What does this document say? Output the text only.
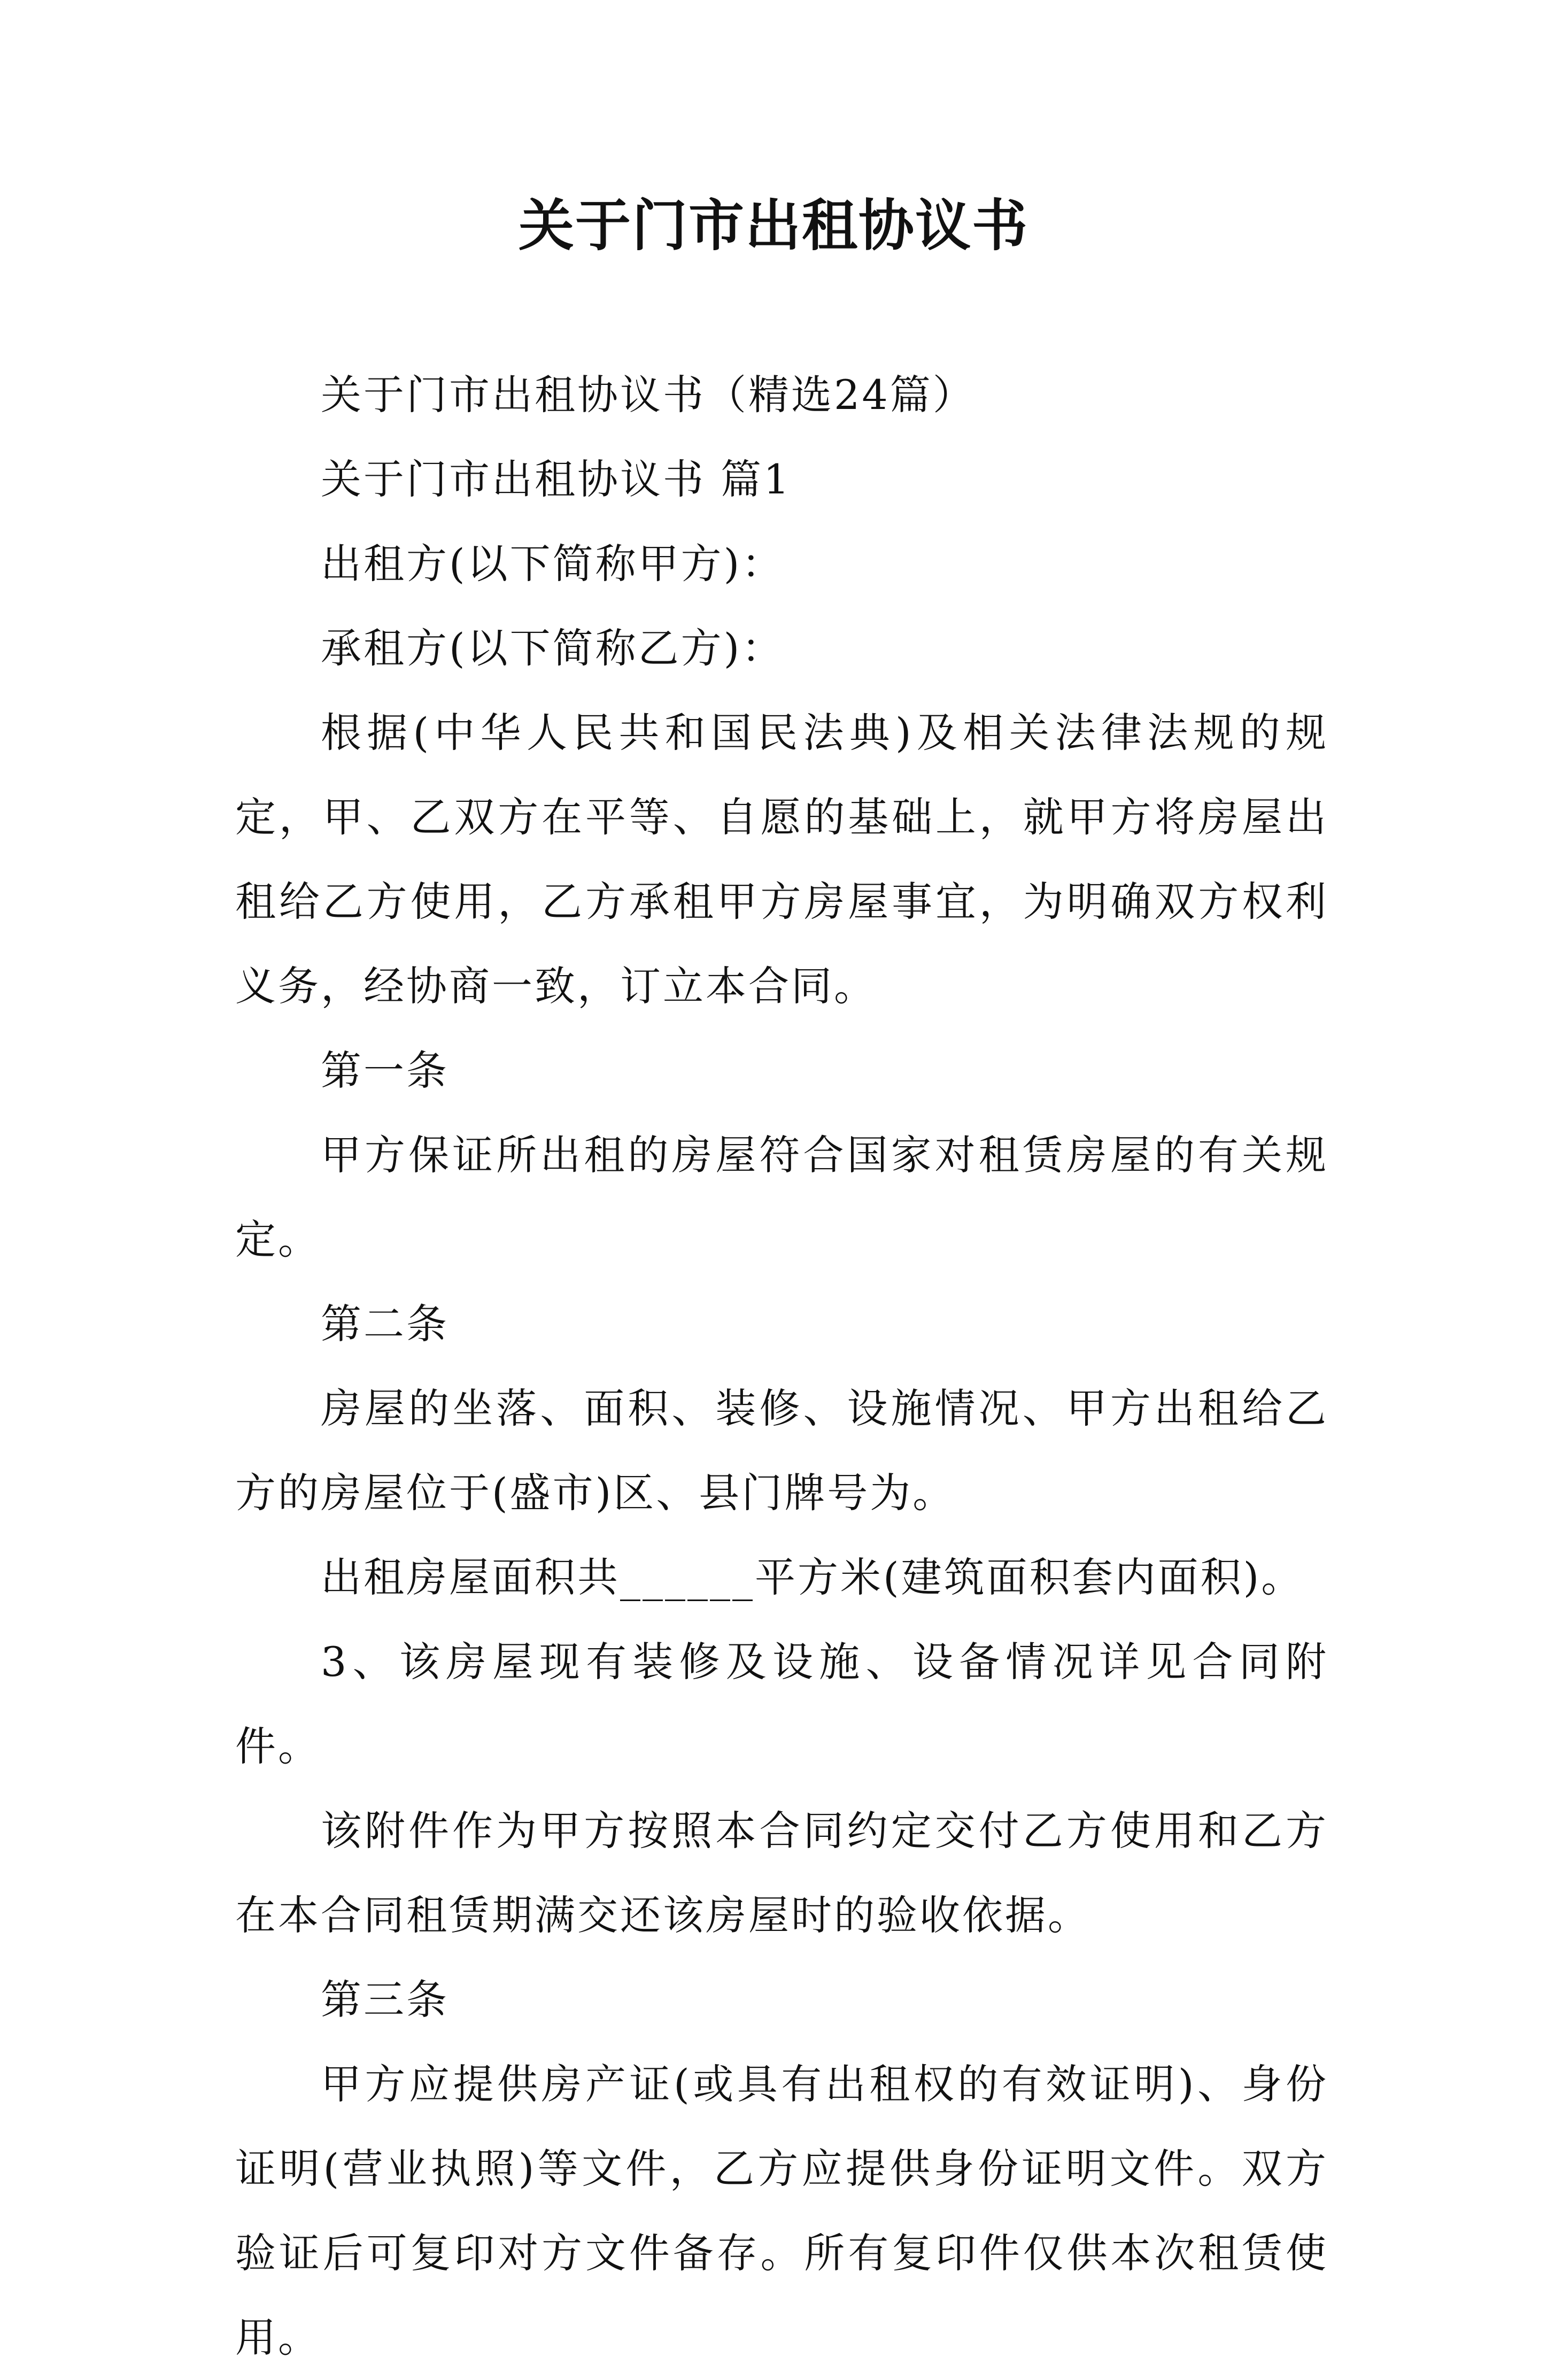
关于门市出租协议书

关于门市出租协议书（精选24篇）

关于门市出租协议书 篇1

出租方(以下简称甲方)：

承租方(以下简称乙方)：

根据(中华人民共和国民法典)及相关法律法规的规定，甲、乙双方在平等、自愿的基础上，就甲方将房屋出租给乙方使用，乙方承租甲方房屋事宜，为明确双方权利义务，经协商一致，订立本合同。

第一条

甲方保证所出租的房屋符合国家对租赁房屋的有关规定。

第二条

房屋的坐落、面积、装修、设施情况、甲方出租给乙方的房屋位于(盛市)区、县门牌号为。

出租房屋面积共______平方米(建筑面积套内面积)。

3、该房屋现有装修及设施、设备情况详见合同附件。

该附件作为甲方按照本合同约定交付乙方使用和乙方在本合同租赁期满交还该房屋时的验收依据。

第三条

甲方应提供房产证(或具有出租权的有效证明)、身份证明(营业执照)等文件，乙方应提供身份证明文件。双方验证后可复印对方文件备存。所有复印件仅供本次租赁使用。
